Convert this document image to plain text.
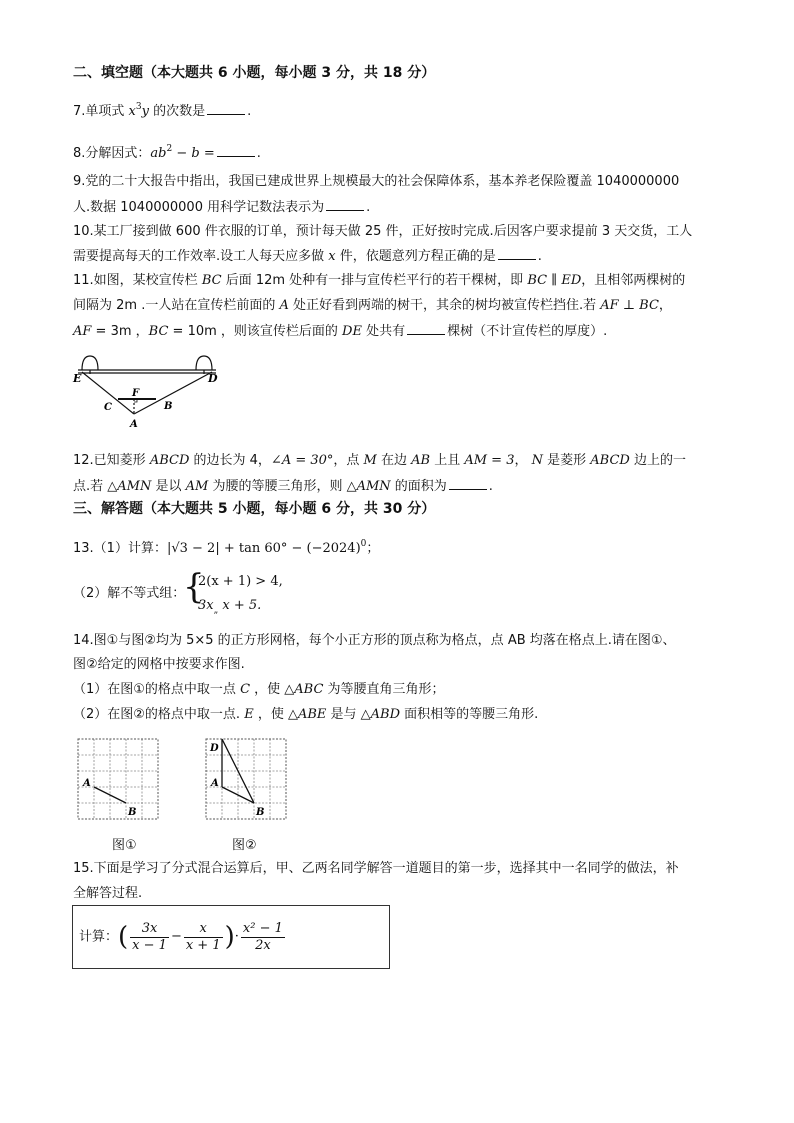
二、填空题（本大题共 6 小题，每小题 3 分，共 18 分）
7.单项式 $x^3y$ 的次数是	.
8.分解因式：$ab^2 - b$ =	.
9.党的二十大报告中指出，我国已建成世界上规模最大的社会保障体系，基本养老保险覆盖 1040000000
人.数据 1040000000 用科学记数法表示为	.
10.某工厂接到做 600 件衣服的订单，预计每天做 25 件，正好按时完成.后因客户要求提前 3 天交货，工人
需要提高每天的工作效率.设工人每天应多做 x 件，依题意列方程正确的是	.
11.如图，某校宣传栏 BC 后面 12m 处种有一排与宣传栏平行的若干棵树，即 BC ∥ ED，且相邻两棵树的
间隔为 2m .一人站在宣传栏前面的 A 处正好看到两端的树干，其余的树均被宣传栏挡住.若 AF ⊥ BC，
AF = 3m ，BC = 10m ，则该宣传栏后面的 DE 处共有	棵树（不计宣传栏的厚度）.
E	D
F
C	B
A
12.已知菱形 ABCD 的边长为 4，∠A = 30°，点 M 在边 AB 上且 AM = 3， N 是菱形 ABCD 边上的一
点.若 △AMN 是以 AM 为腰的等腰三角形，则 △AMN 的面积为	.
三、解答题（本大题共 5 小题，每小题 6 分，共 30 分）
13.（1）计算：$|√3 - 2| + \tan 60^\circ - (-2024)^0$；
（2）解不等式组：
{
2(x + 1) > 4,
$3x_„$ x + 5.
14.图①与图②均为 5×5 的正方形网格，每个小正方形的顶点称为格点，点 AB 均落在格点上.请在图①、
图②给定的网格中按要求作图.
（1）在图①的格点中取一点 C ，使 △ABC 为等腰直角三角形；
（2）在图②的格点中取一点. E ，使 △ABE 是与 △ABD 面积相等的等腰三角形.
A
B
图①
D
A
B
图②
15.下面是学习了分式混合运算后，甲、乙两名同学解答一道题目的第一步，选择其中一名同学的做法，补
全解答过程.
计算：( $\frac{3x}{x - 1} - \frac{x}{x + 1}$ )· $\frac{\text{x² − 1}}{2x}$
